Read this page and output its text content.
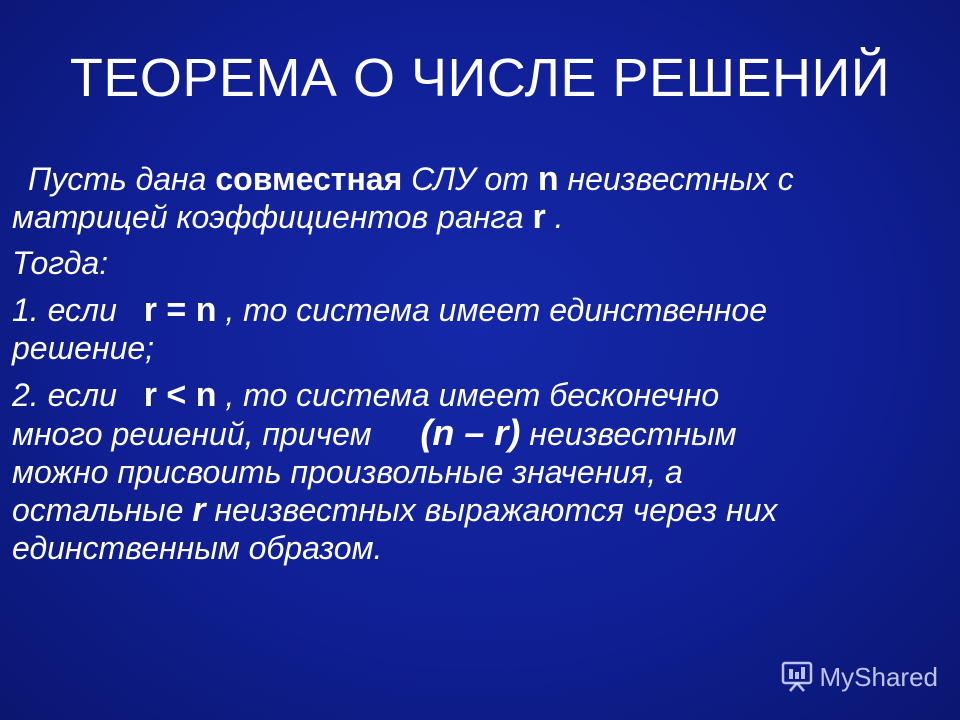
ТЕОРЕМА О ЧИСЛЕ РЕШЕНИЙ

Пусть дана совместная СЛУ от n неизвестных с
матрицей коэффициентов ранга r .

Тогда:

1. если r = n , то система имеет единственное
решение;

2. если r < n , то система имеет бесконечно
много решений, причем (n – r) неизвестным
можно присвоить произвольные значения, а
остальные r неизвестных выражаются через них
единственным образом.

MyShared
